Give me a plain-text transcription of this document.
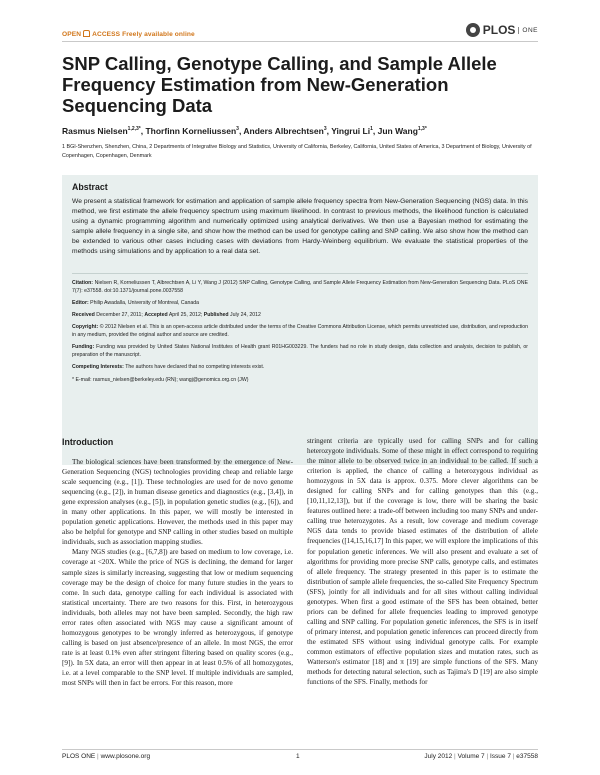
OPEN ACCESS Freely available online	PLOS	ONE
SNP Calling, Genotype Calling, and Sample Allele Frequency Estimation from New-Generation Sequencing Data
Rasmus Nielsen$^{1,2,3*}$, Thorfinn Korneliussen$^3$, Anders Albrechtsen$^3$, Yingrui Li$^1$, Jun Wang$^{1,3*}$
1 BGI-Shenzhen, Shenzhen, China, 2 Departments of Integrative Biology and Statistics, University of California, Berkeley, California, United States of America, 3 Department of Biology, University of Copenhagen, Copenhagen, Denmark
Abstract
We present a statistical framework for estimation and application of sample allele frequency spectra from New-Generation Sequencing (NGS) data. In this method, we first estimate the allele frequency spectrum using maximum likelihood. In contrast to previous methods, the likelihood function is calculated using a dynamic programming algorithm and numerically optimized using analytical derivatives. We then use a Bayesian method for estimating the sample allele frequency in a single site, and show how the method can be used for genotype calling and SNP calling. We also show how the method can be extended to various other cases including cases with deviations from Hardy-Weinberg equilibrium. We evaluate the statistical properties of the methods using simulations and by application to a real data set.
Citation: Nielsen R, Korneliussen T, Albrechtsen A, Li Y, Wang J (2012) SNP Calling, Genotype Calling, and Sample Allele Frequency Estimation from New-Generation Sequencing Data. PLoS ONE 7(7): e37558. doi:10.1371/journal.pone.0037558
Editor: Philip Awadalla, University of Montreal, Canada
Received December 27, 2011; Accepted April 25, 2012; Published July 24, 2012
Copyright: © 2012 Nielsen et al. This is an open-access article distributed under the terms of the Creative Commons Attribution License, which permits unrestricted use, distribution, and reproduction in any medium, provided the original author and source are credited.
Funding: Funding was provided by United States National Institutes of Health grant R01HG003229. The funders had no role in study design, data collection and analysis, decision to publish, or preparation of the manuscript.
Competing Interests: The authors have declared that no competing interests exist.
* E-mail: rasmus_nielsen@berkeley.edu (RN); wangj@genomics.org.cn (JW)
Introduction

The biological sciences have been transformed by the emergence of New-Generation Sequencing (NGS) technologies providing cheap and reliable large scale sequencing (e.g., [1]). These technologies are used for de novo genome sequencing (e.g., [2]), in human disease genetics and diagnostics (e.g., [3,4]), in gene expression analyses (e.g., [5]), in population genetic studies (e.g., [6]), and in many other applications. In this paper, we will mostly be interested in population genetic applications. However, the methods used in this paper may also be helpful for genotype and SNP calling in other studies based on multiple individuals, such as association mapping studies.

Many NGS studies (e.g., [6,7,8]) are based on medium to low coverage, i.e. coverage at <20X. While the price of NGS is declining, the demand for larger sample sizes is similarly increasing, suggesting that low or medium sequencing coverage may be the design of choice for many future studies in the years to come. In such data, genotype calling for each individual is associated with statistical uncertainty. There are two reasons for this. First, in heterozygous individuals, both alleles may not have been sampled. Secondly, the high raw error rates often associated with NGS may cause a significant amount of homozygous genotypes to be wrongly inferred as heterozygous, if genotype calling is based on just absence/presence of an allele. In most NGS, the error rate is at least 0.1% even after stringent filtering based on quality scores (e.g., [9]). In 5X data, an error will then appear in at least 0.5% of all homozygotes, i.e. at a level comparable to the SNP level. If multiple individuals are sampled, most SNPs will then in fact be errors. For this reason, more

stringent criteria are typically used for calling SNPs and for calling heterozygote individuals. Some of these might in effect correspond to requiring the minor allele to be observed twice in an individual to be called. If such a criterion is applied, the chance of calling a heterozygous individual as homozygous in 5X data is approx. 0.375. More clever algorithms can be designed for calling SNPs and for calling genotypes than this (e.g., [10,11,12,13]), but if the coverage is low, there will be sharing the basic features outlined here: a trade-off between including too many SNPs and under-calling true heterozygotes. As a result, low coverage and medium coverage NGS data tends to provide biased estimates of the distribution of allele frequencies ([14,15,16,17] In this paper, we will explore the implications of this for population genetic inferences. We will also present and evaluate a set of algorithms for providing more precise SNP calls, genotype calls, and estimates of allele frequency. The strategy presented in this paper is to estimate the distribution of sample allele frequencies, the so-called Site Frequency Spectrum (SFS), jointly for all individuals and for all sites without calling individual genotypes. When first a good estimate of the SFS has been obtained, better priors can be defined for allele frequencies leading to improved genotype calling and SNP calling. For population genetic inferences, the SFS is in itself of primary interest, and population genetic inferences can proceed directly from the estimated SFS without using individual genotype calls. For example common estimators of effective population sizes and mutation rates, such as Watterson's estimator [18] and π [19] are simple functions of the SFS. Many methods for detecting natural selection, such as Tajima's D [19] are also simple functions of the SFS. Finally, methods for

PLOS ONE | www.plosone.org	1	July 2012 | Volume 7 | Issue 7 | e37558
